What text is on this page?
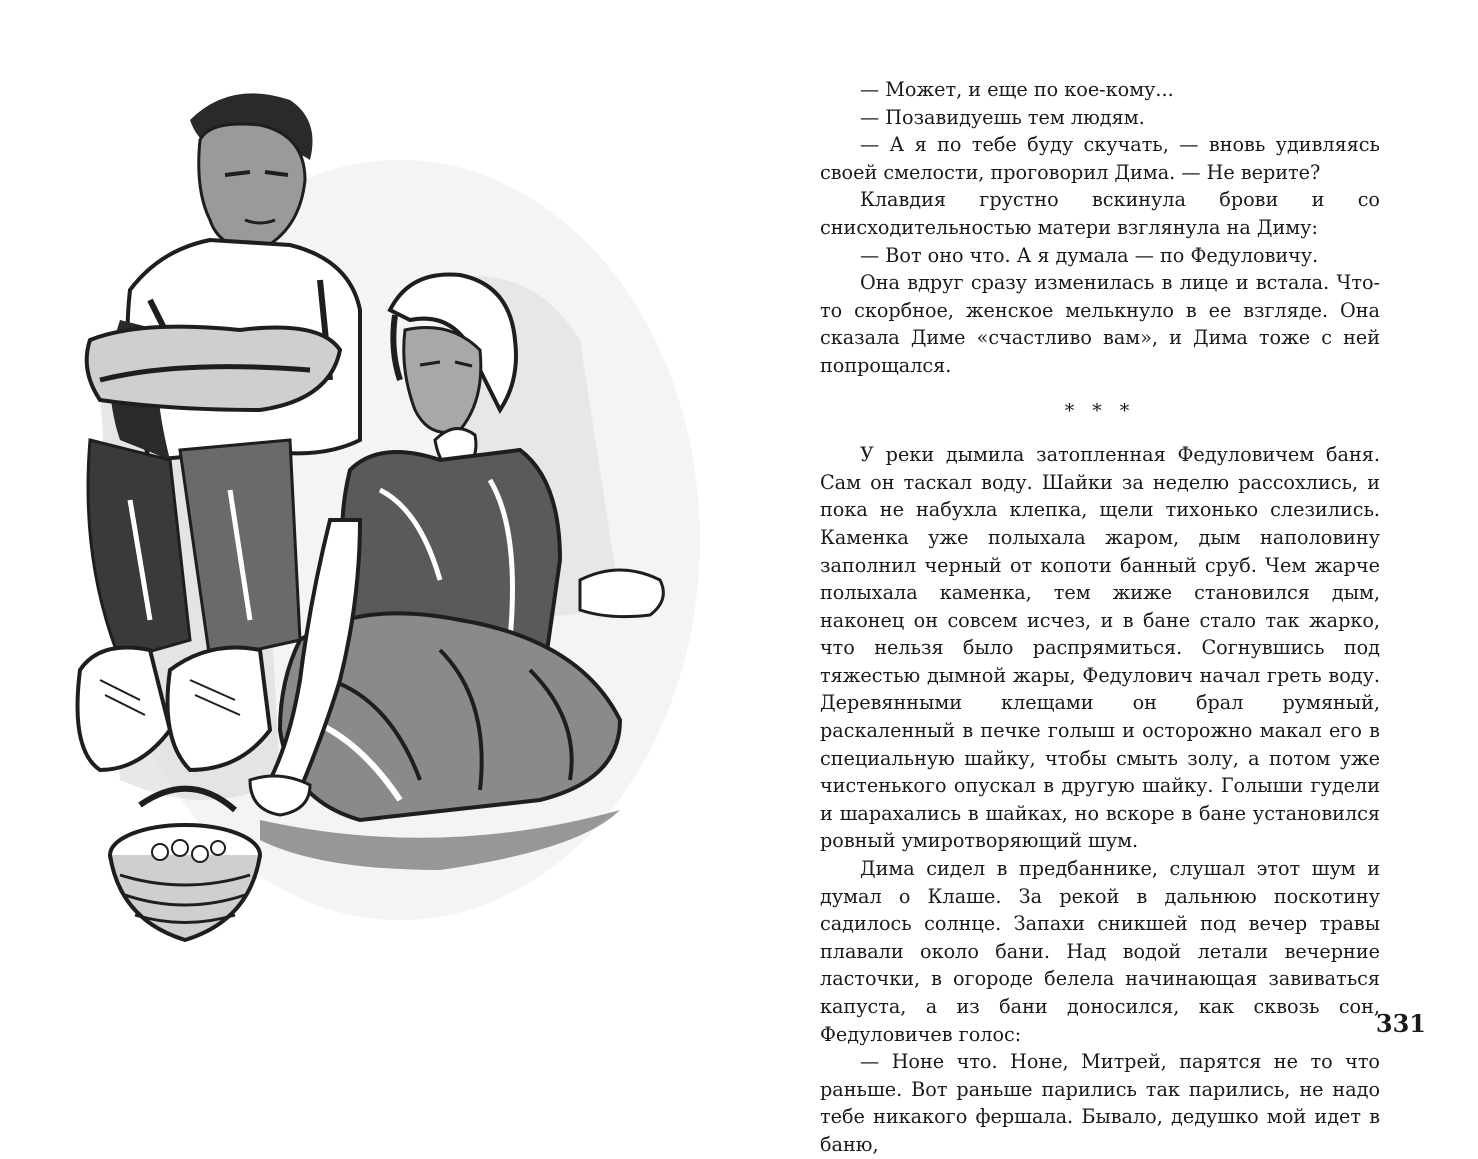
— Может, и еще по кое-кому...

— Позавидуешь тем людям.

— А я по тебе буду скучать, — вновь удивляясь своей смелости, проговорил Дима. — Не верите?

Клавдия грустно вскинула брови и со снисходительностью матери взглянула на Диму:

— Вот оно что. А я думала — по Федуловичу.

Она вдруг сразу изменилась в лице и встала. Что-то скорбное, женское мелькнуло в ее взгляде. Она сказала Диме «счастливо вам», и Дима тоже с ней попрощался.

* * *

У реки дымила затопленная Федуловичем баня. Сам он таскал воду. Шайки за неделю рассохлись, и пока не набухла клепка, щели тихонько слезились. Каменка уже полыхала жаром, дым наполовину заполнил черный от копоти банный сруб. Чем жарче полыхала каменка, тем жиже становился дым, наконец он совсем исчез, и в бане стало так жарко, что нельзя было распрямиться. Согнувшись под тяжестью дымной жары, Федулович начал греть воду. Деревянными клещами он брал румяный, раскаленный в печке голыш и осторожно макал его в специальную шайку, чтобы смыть золу, а потом уже чистенького опускал в другую шайку. Голыши гудели и шарахались в шайках, но вскоре в бане установился ровный умиротворяющий шум.

Дима сидел в предбаннике, слушал этот шум и думал о Клаше. За рекой в дальнюю поскотину садилось солнце. Запахи сникшей под вечер травы плавали около бани. Над водой летали вечерние ласточки, в огороде белела начинающая завиваться капуста, а из бани доносился, как сквозь сон, Федуловичев голос:

— Ноне что. Ноне, Митрей, парятся не то что раньше. Вот раньше парились так парились, не надо тебе никакого фершала. Бывало, дедушко мой идет в баню,

331
